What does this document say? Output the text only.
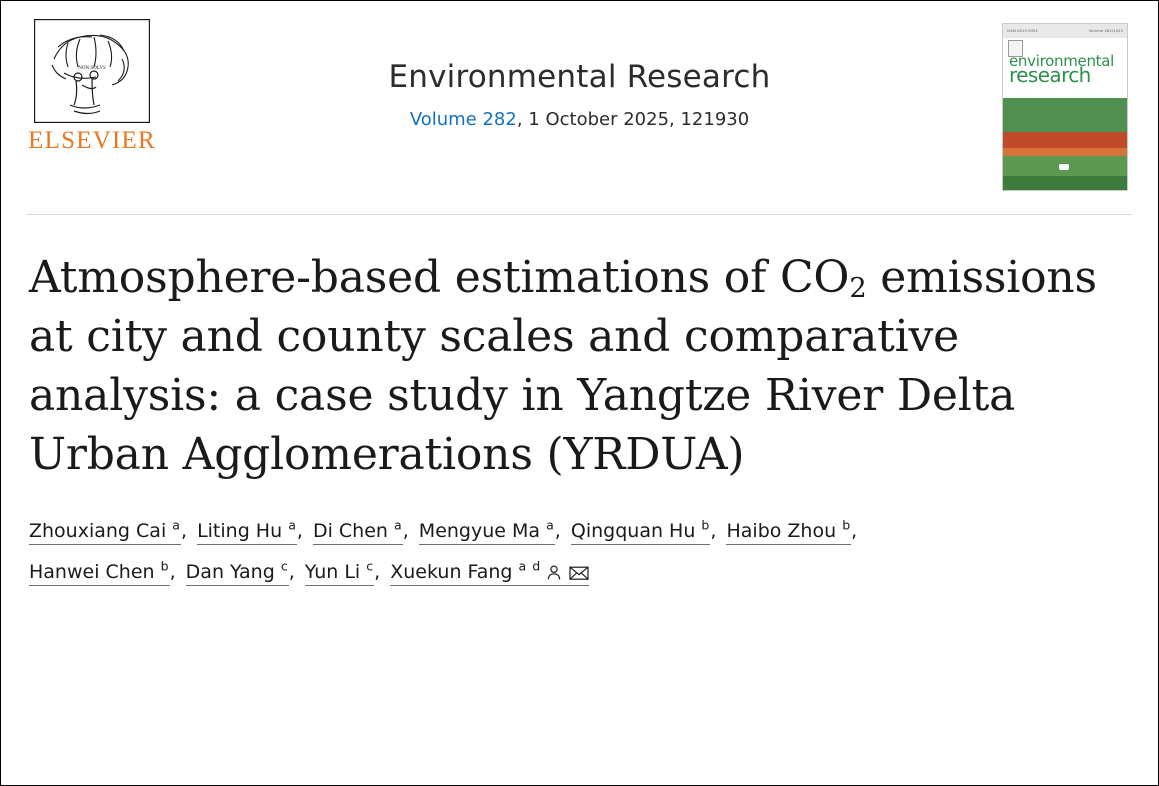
NON SOLVS
ELSEVIER
Environmental Research
Volume 282, 1 October 2025, 121930
ISSN 0013-9351	Volume 282/2025
environmental
research
Atmosphere-based estimations of $CO_2$ emissions at city and county scales and comparative analysis: a case study in Yangtze River Delta Urban Agglomerations (YRDUA)
Zhouxiang Cai $^a$, Liting Hu $^a$, Di Chen $^a$, Mengyue Ma $^a$, Qingquan Hu $^b$, Haibo Zhou $^b$,
Hanwei Chen $^b$, Dan Yang $^c$, Yun Li $^c$, Xuekun Fang $^{a d}$
